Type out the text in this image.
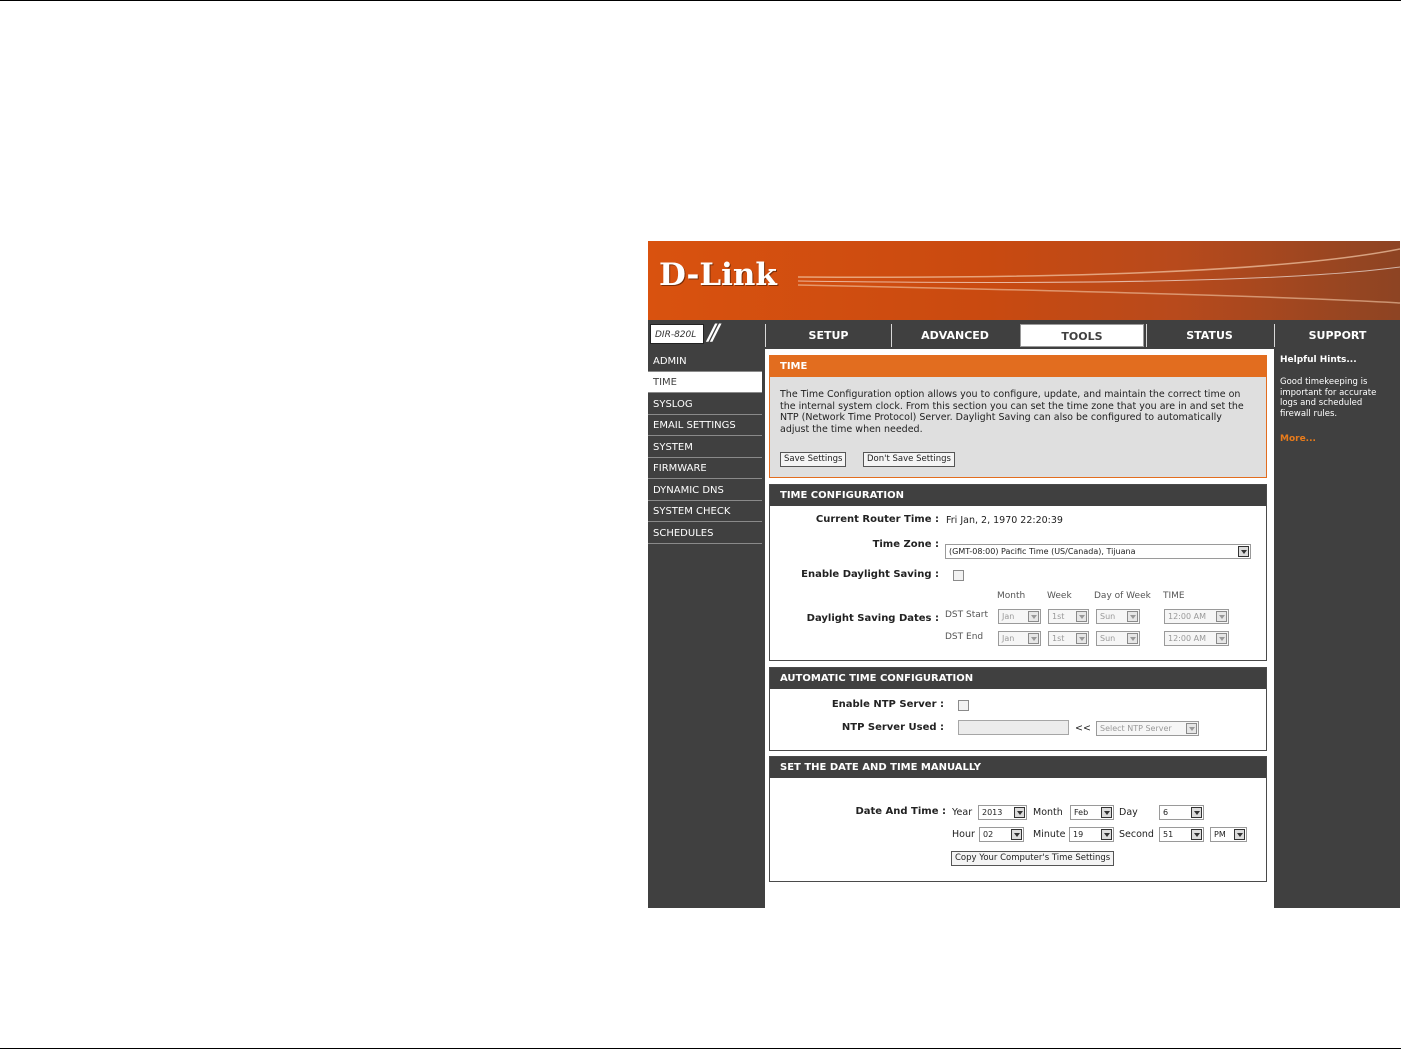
D-Link
DIR-820L //	SETUP	ADVANCED	TOOLS	STATUS	SUPPORT
ADMIN
TIME
SYSLOG
EMAIL SETTINGS
SYSTEM
FIRMWARE
DYNAMIC DNS
SYSTEM CHECK
SCHEDULES
TIME
The Time Configuration option allows you to configure, update, and maintain the correct time on the internal system clock. From this section you can set the time zone that you are in and set the NTP (Network Time Protocol) Server. Daylight Saving can also be configured to automatically adjust the time when needed.
Save Settings	Don't Save Settings
TIME CONFIGURATION
Current Router Time : Fri Jan, 2, 1970 22:20:39
Time Zone :
(GMT-08:00) Pacific Time (US/Canada), Tijuana
Enable Daylight Saving :
Month Week Day of Week TIME
Daylight Saving Dates : DST Start	Jan	1st	Sun	12:00 AM
DST End	Jan	1st	Sun	12:00 AM
AUTOMATIC TIME CONFIGURATION
Enable NTP Server :
NTP Server Used :	<<	Select NTP Server
SET THE DATE AND TIME MANUALLY
Date And Time : Year	2013	Month	Feb	Day	6
Hour	02	Minute 19	Second	51	PM
Copy Your Computer's Time Settings
Helpful Hints...
Good timekeeping is important for accurate logs and scheduled firewall rules.
More...
